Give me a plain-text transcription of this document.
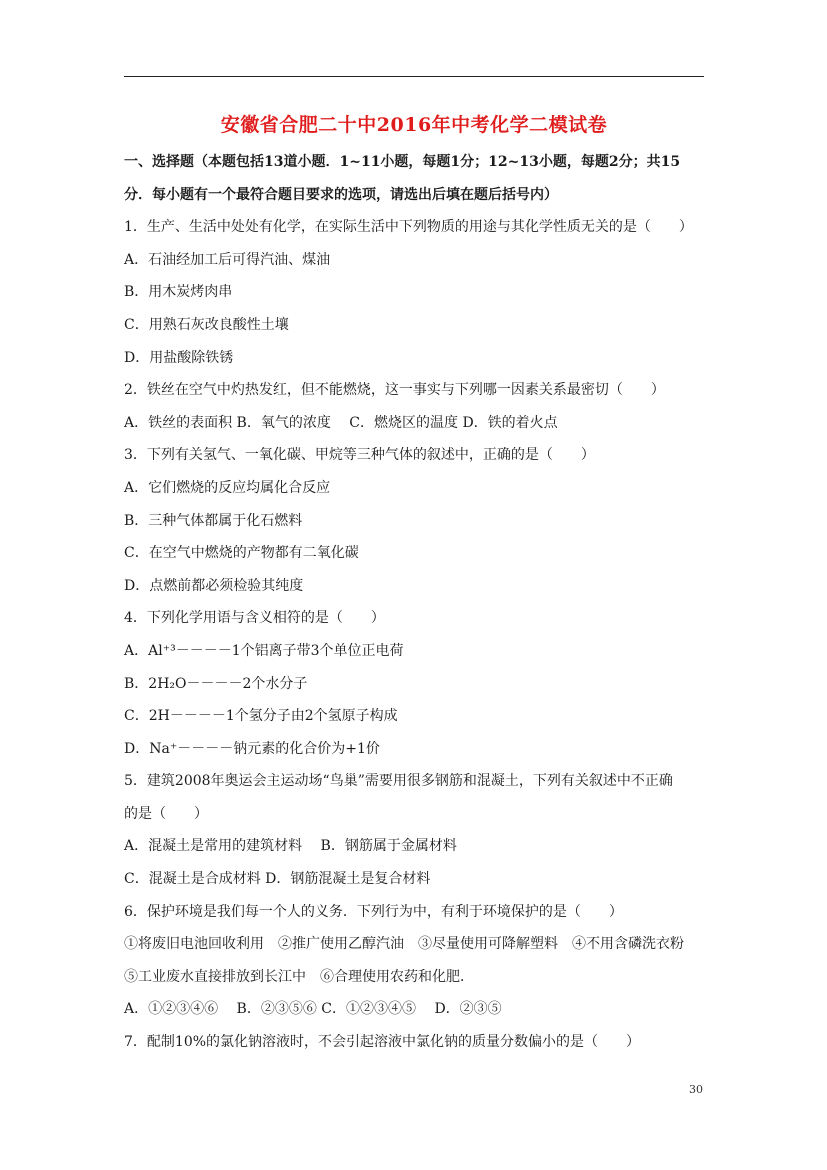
安徽省合肥二十中2016年中考化学二模试卷
一、选择题（本题包括13道小题．1~11小题，每题1分；12~13小题，每题2分；共15
分．每小题有一个最符合题目要求的选项，请选出后填在题后括号内）
1．生产、生活中处处有化学，在实际生活中下列物质的用途与其化学性质无关的是（　　）
A．石油经加工后可得汽油、煤油
B．用木炭烤肉串
C．用熟石灰改良酸性土壤
D．用盐酸除铁锈
2．铁丝在空气中灼热发红，但不能燃烧，这一事实与下列哪一因素关系最密切（　　）
A．铁丝的表面积 B．氧气的浓度　 C．燃烧区的温度 D．铁的着火点
3．下列有关氢气、一氧化碳、甲烷等三种气体的叙述中，正确的是（　　）
A．它们燃烧的反应均属化合反应
B．三种气体都属于化石燃料
C．在空气中燃烧的产物都有二氧化碳
D．点燃前都必须检验其纯度
4．下列化学用语与含义相符的是（　　）
A．Al⁺³－－－－1个铝离子带3个单位正电荷
B．2H₂O－－－－2个水分子
C．2H－－－－1个氢分子由2个氢原子构成
D．Na⁺－－－－钠元素的化合价为+1价
5．建筑2008年奥运会主运动场“鸟巢”需要用很多钢筋和混凝土，下列有关叙述中不正确
的是（　　）
A．混凝土是常用的建筑材料　 B．钢筋属于金属材料
C．混凝土是合成材料 D．钢筋混凝土是复合材料
6．保护环境是我们每一个人的义务．下列行为中，有利于环境保护的是（　　）
①将废旧电池回收利用　②推广使用乙醇汽油　③尽量使用可降解塑料　④不用含磷洗衣粉
⑤工业废水直接排放到长江中　⑥合理使用农药和化肥．
A．①②③④⑥　 B．②③⑤⑥ C．①②③④⑤　 D．②③⑤
7．配制10%的氯化钠溶液时，不会引起溶液中氯化钠的质量分数偏小的是（　　）
30
